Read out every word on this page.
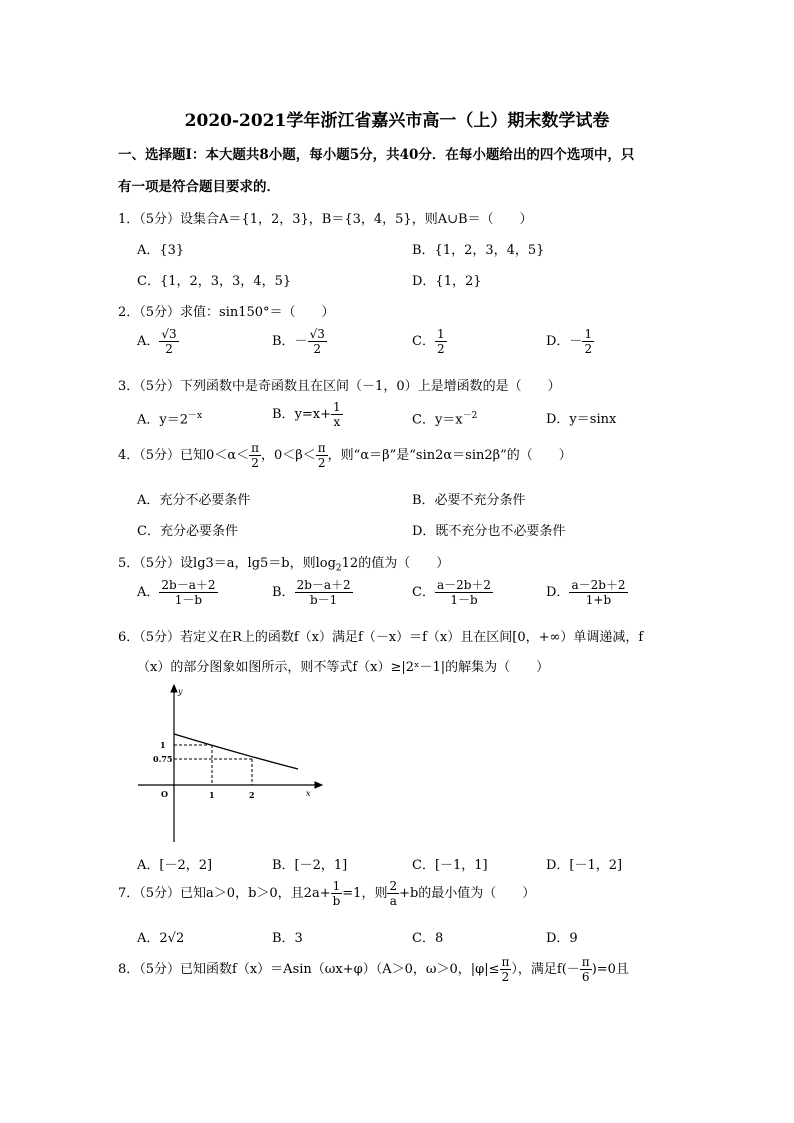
2020-2021学年浙江省嘉兴市高一（上）期末数学试卷
一、选择题Ⅰ：本大题共8小题，每小题5分，共40分．在每小题给出的四个选项中，只
有一项是符合题目要求的．
1．（5分）设集合A＝{1，2，3}，B＝{3，4，5}，则A∪B＝（　　）
A．{3}	B．{1，2，3，4，5}
C．{1，2，3，3，4，5}	D．{1，2}
2．（5分）求值：sin150°＝（　　）
A． $\frac{√3}{2}$	B．－ $\frac{√3}{2}$	C． $\frac{1}{2}$	D．－ $\frac{1}{2}$
3．（5分）下列函数中是奇函数且在区间（－1，0）上是增函数的是（　　）
A．$y=2^{-x}$	B．$y=x+ \frac{1}{x}$	C．$y=x^{-2}$	D．y＝sinx
4．（5分）已知$0<\alpha< \frac{\pi}{2}$ ，$0<\beta< \frac{\pi}{2}$ ，则“α＝β”是“sin2α＝sin2β”的（　　）
A．充分不必要条件	B．必要不充分条件
C．充分必要条件	D．既不充分也不必要条件
5．（5分）设lg3＝a，lg5＝b，则$\log_212$的值为（　　）
A． $\frac{2b-a+2}{1-b}$	B． $\frac{2b-a+2}{b-1}$	C． $\frac{a-2b+2}{1-b}$	D． $\frac{a-2b+2}{1+b}$
6．（5分）若定义在R上的函数f（x）满足f（－x）＝f（x）且在区间[0，+∞）单调递减，f
（x）的部分图象如图所示，则不等式f（x）≥|2ˣ－1|的解集为（　　）
y
x
O
1
0.75
1	2
A．[－2，2]	B．[－2，1]	C．[－1，1]	D．[－1，2]
7．（5分）已知a＞0，b＞0，且$2a+ \frac{1}{b} =1$，则 $\frac{2}{a} +b$的最小值为（　　）
A．2√2	B．3	C．8	D．9
8．（5分）已知函数f（x）＝Asin（ωx+φ）（A＞0，ω＞0，$|\varphi|\le \frac{\pi}{2}$ ），满足$f(- \frac{\pi}{6} )=0$且
